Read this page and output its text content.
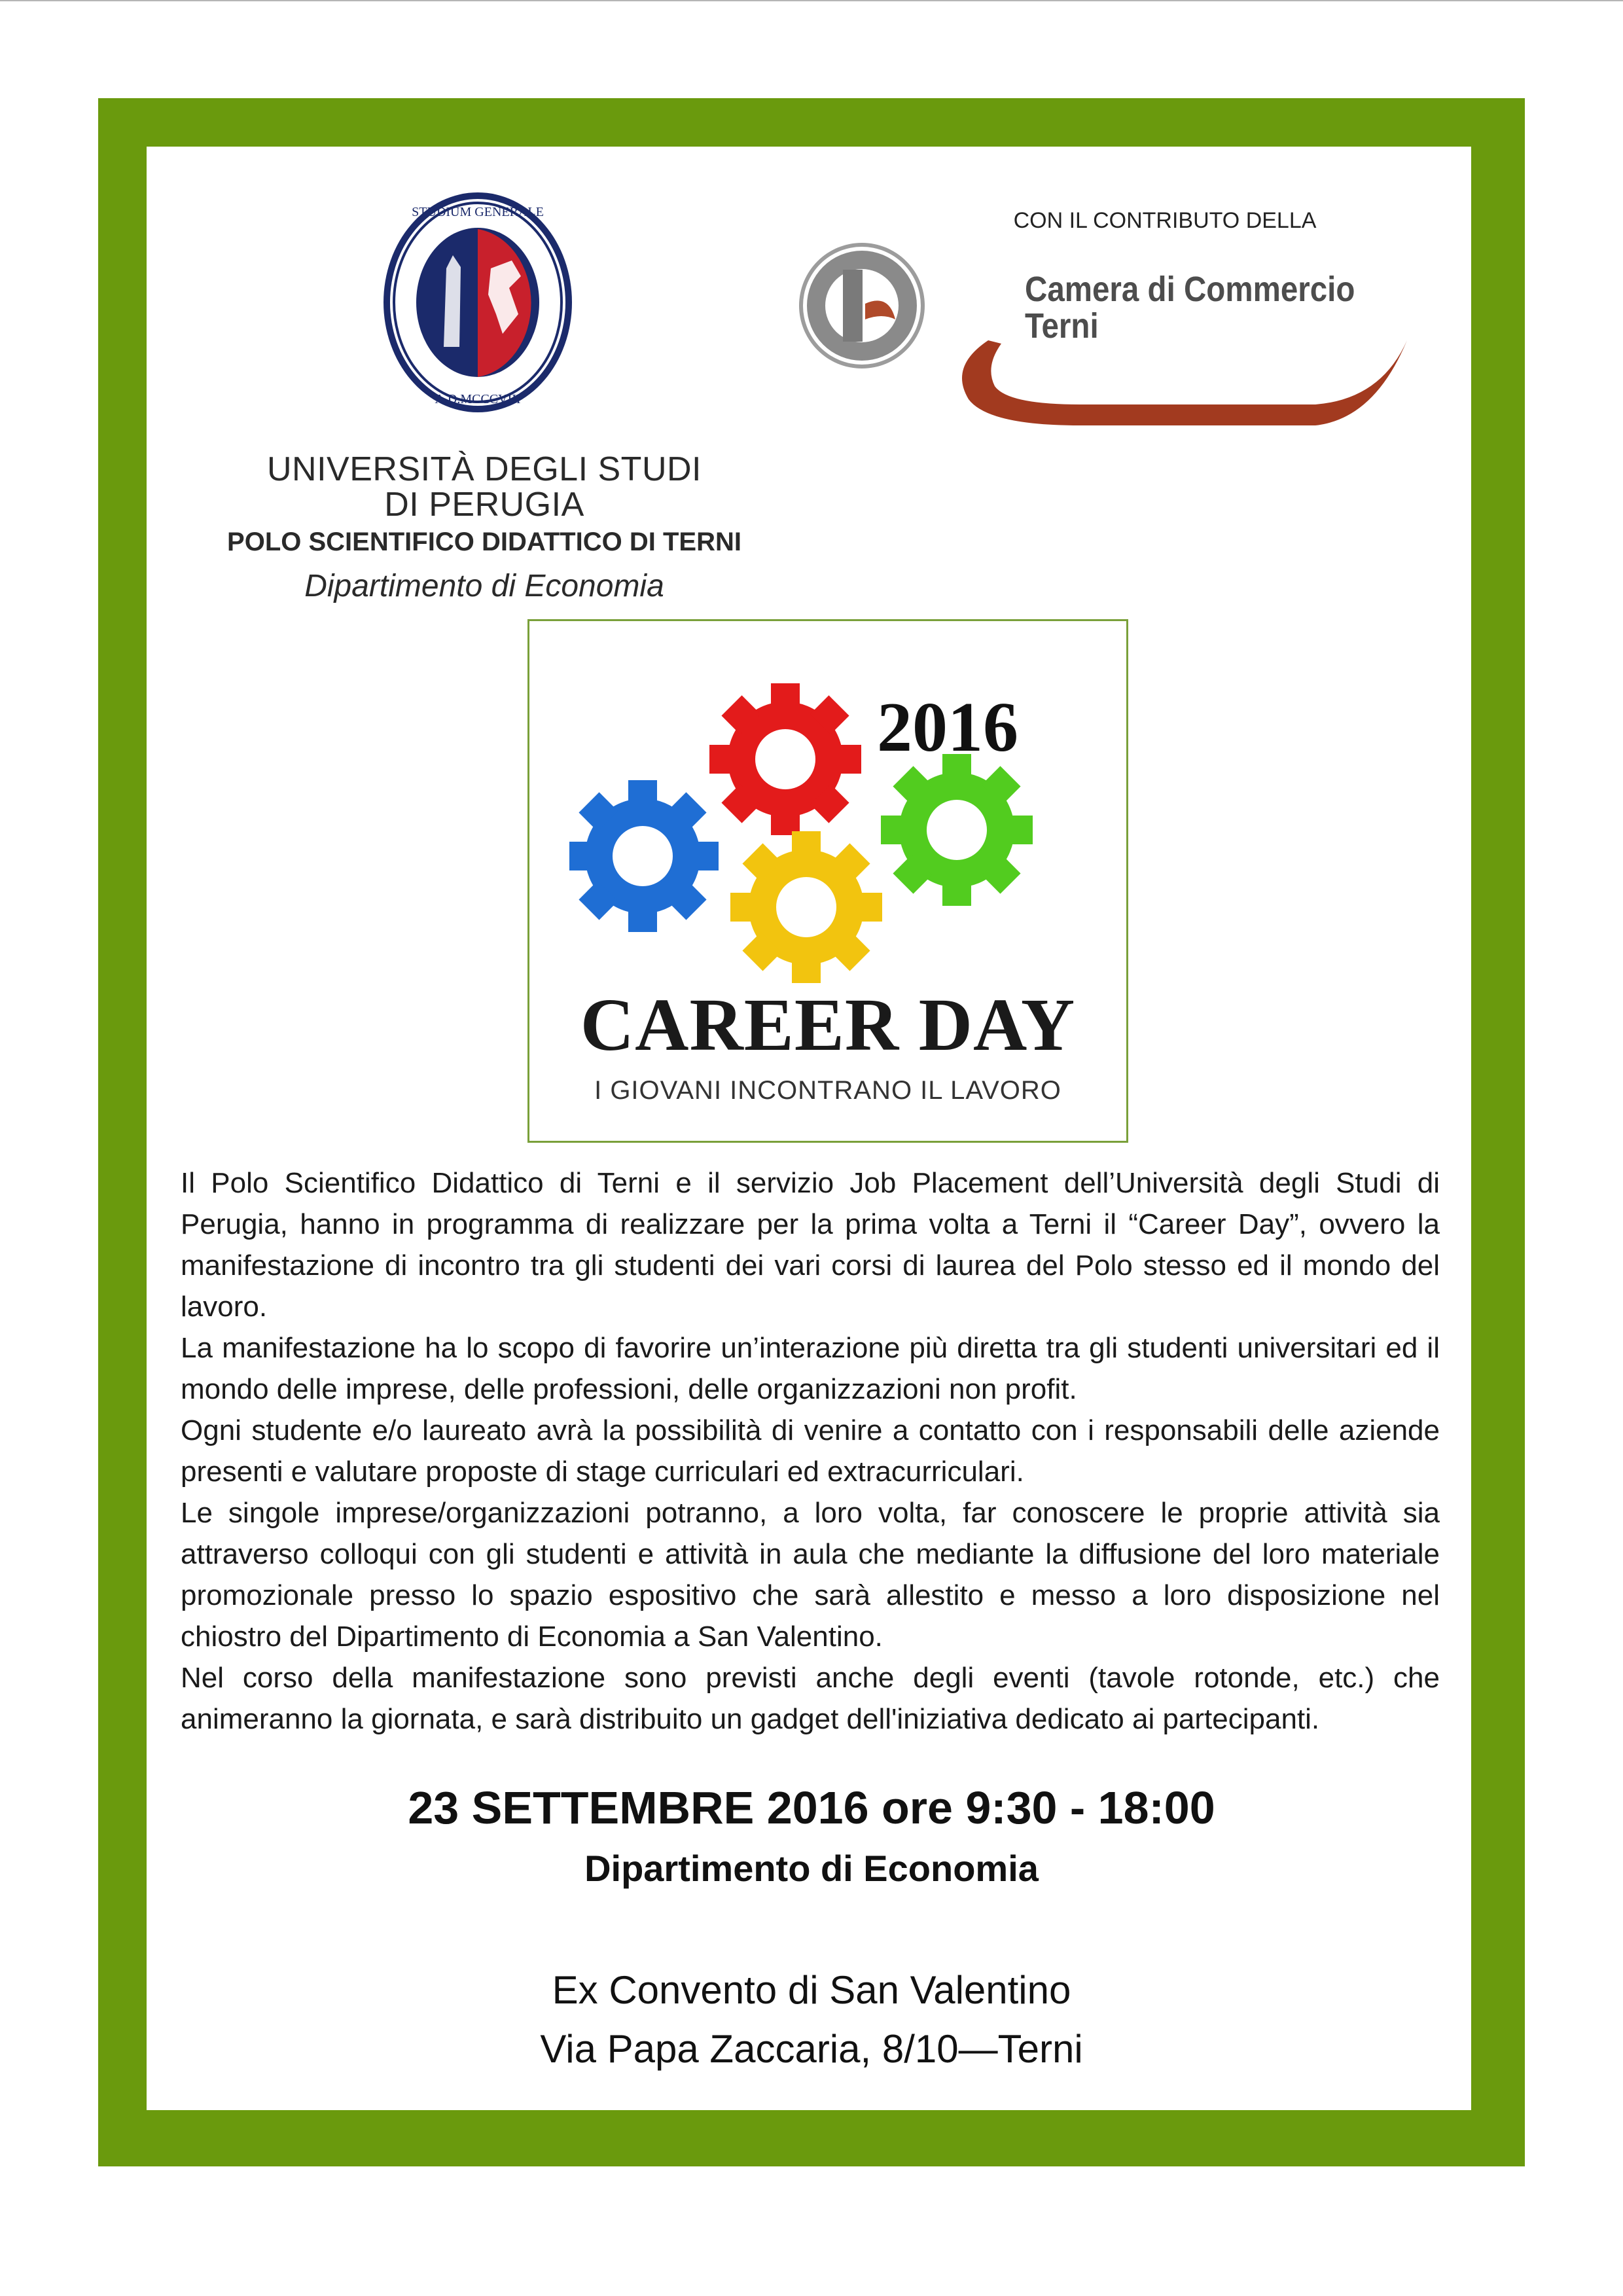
STUDIUM GENERALE
A.D.MCCCVIII
UNIVERSITÀ DEGLI STUDI
DI PERUGIA
POLO SCIENTIFICO DIDATTICO DI TERNI
Dipartimento di Economia
CON IL CONTRIBUTO DELLA
Camera di Commercio
Terni
2016
CAREER DAY
I GIOVANI INCONTRANO IL LAVORO

Il Polo Scientifico Didattico di Terni e il servizio Job Placement dell’Università degli Studi di Perugia, hanno in programma di realizzare per la prima volta a Terni il “Career Day”, ovvero la manifestazione di incontro tra gli studenti dei vari corsi di laurea del Polo stesso ed il mondo del lavoro.

La manifestazione ha lo scopo di favorire un’interazione più diretta tra gli studenti universitari ed il mondo delle imprese, delle professioni, delle organizzazioni non profit.

Ogni studente e/o laureato avrà la possibilità di venire a contatto con i responsabili delle aziende presenti e valutare proposte di stage curriculari ed extracurriculari.

Le singole imprese/organizzazioni potranno, a loro volta, far conoscere le proprie attività sia attraverso colloqui con gli studenti e attività in aula che mediante la diffusione del loro materiale promozionale presso lo spazio espositivo che sarà allestito e messo a loro disposizione nel chiostro del Dipartimento di Economia a San Valentino.

Nel corso della manifestazione sono previsti anche degli eventi (tavole rotonde, etc.) che animeranno la giornata, e sarà distribuito un gadget dell'iniziativa dedicato ai partecipanti.

23 SETTEMBRE 2016 ore 9:30 - 18:00
Dipartimento di Economia
Ex Convento di San Valentino
Via Papa Zaccaria, 8/10—Terni
